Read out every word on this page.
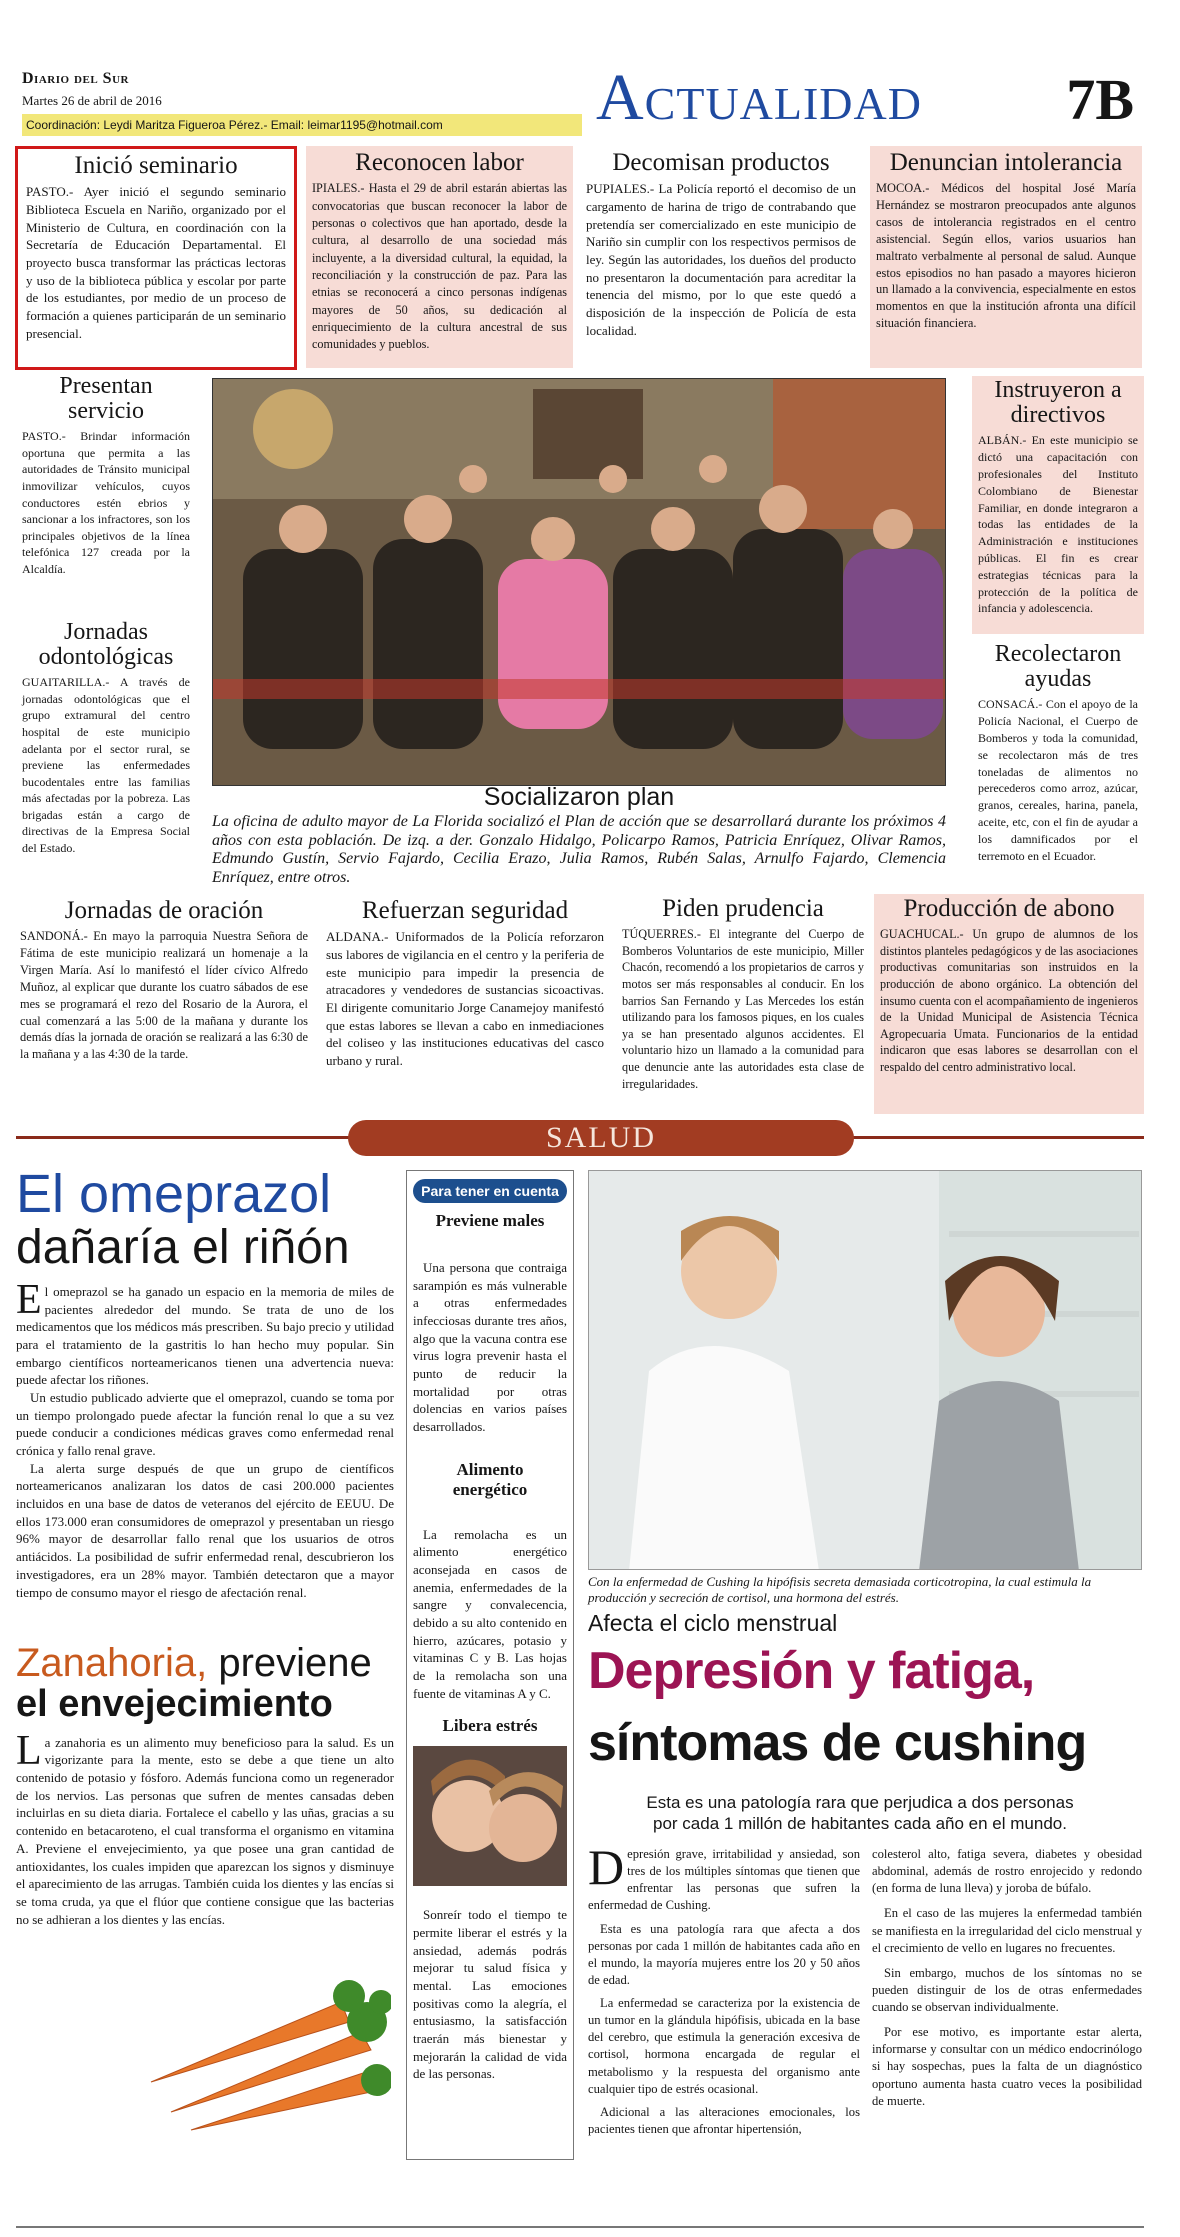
Diario del Sur
Martes 26 de abril de 2016
Coordinación: Leydi Maritza Figueroa Pérez.- Email: leimar1195@hotmail.com	Actualidad 7B
Inició seminario

PASTO.- Ayer inició el segundo seminario Biblioteca Escuela en Nariño, organizado por el Ministerio de Cultura, en coordinación con la Secretaría de Educación Departamental. El proyecto busca transformar las prácticas lectoras y uso de la biblioteca pública y escolar por parte de los estudiantes, por medio de un proceso de formación a quienes participarán de un seminario presencial.

Reconocen labor

IPIALES.- Hasta el 29 de abril estarán abiertas las convocatorias que buscan reconocer la labor de personas o colectivos que han aportado, desde la cultura, al desarrollo de una sociedad más incluyente, a la diversidad cultural, la equidad, la reconciliación y la construcción de paz. Para las etnias se reconocerá a cinco personas indígenas mayores de 50 años, su dedicación al enriquecimiento de la cultura ancestral de sus comunidades y pueblos.

Decomisan productos

PUPIALES.- La Policía reportó el decomiso de un cargamento de harina de trigo de contrabando que pretendía ser comercializado en este municipio de Nariño sin cumplir con los respectivos permisos de ley. Según las autoridades, los dueños del producto no presentaron la documentación para acreditar la tenencia del mismo, por lo que este quedó a disposición de la inspección de Policía de esta localidad.

Denuncian intolerancia

MOCOA.- Médicos del hospital José María Hernández se mostraron preocupados ante algunos casos de intolerancia registrados en el centro asistencial. Según ellos, varios usuarios han maltrato verbalmente al personal de salud. Aunque estos episodios no han pasado a mayores hicieron un llamado a la convivencia, especialmente en estos momentos en que la institución afronta una difícil situación financiera.

Presentan servicio

PASTO.- Brindar información oportuna que permita a las autoridades de Tránsito municipal inmovilizar vehículos, cuyos conductores estén ebrios y sancionar a los infractores, son los principales objetivos de la línea telefónica 127 creada por la Alcaldía.

Jornadas odontológicas

GUAITARILLA.- A través de jornadas odontológicas que el grupo extramural del centro hospital de este municipio adelanta por el sector rural, se previene las enfermedades bucodentales entre las familias más afectadas por la pobreza. Las brigadas están a cargo de directivas de la Empresa Social del Estado.

Socializaron plan
La oficina de adulto mayor de La Florida socializó el Plan de acción que se desarrollará durante los próximos 4 años con esta población. De izq. a der. Gonzalo Hidalgo, Policarpo Ramos, Patricia Enríquez, Olivar Ramos, Edmundo Gustín, Servio Fajardo, Cecilia Erazo, Julia Ramos, Rubén Salas, Arnulfo Fajardo, Clemencia Enríquez, entre otros.
Instruyeron a directivos

ALBÁN.- En este municipio se dictó una capacitación con profesionales del Instituto Colombiano de Bienestar Familiar, en donde integraron a todas las entidades de la Administración e instituciones públicas. El fin es crear estrategias técnicas para la protección de la política de infancia y adolescencia.

Recolectaron ayudas

CONSACÁ.- Con el apoyo de la Policía Nacional, el Cuerpo de Bomberos y toda la comunidad, se recolectaron más de tres toneladas de alimentos no perecederos como arroz, azúcar, granos, cereales, harina, panela, aceite, etc, con el fin de ayudar a los damnificados por el terremoto en el Ecuador.

Jornadas de oración

SANDONÁ.- En mayo la parroquia Nuestra Señora de Fátima de este municipio realizará un homenaje a la Virgen María. Así lo manifestó el líder cívico Alfredo Muñoz, al explicar que durante los cuatro sábados de ese mes se programará el rezo del Rosario de la Aurora, el cual comenzará a las 5:00 de la mañana y durante los demás días la jornada de oración se realizará a las 6:30 de la mañana y a las 4:30 de la tarde.

Refuerzan seguridad

ALDANA.- Uniformados de la Policía reforzaron sus labores de vigilancia en el centro y la periferia de este municipio para impedir la presencia de atracadores y vendedores de sustancias sicoactivas. El dirigente comunitario Jorge Canamejoy manifestó que estas labores se llevan a cabo en inmediaciones del coliseo y las instituciones educativas del casco urbano y rural.

Piden prudencia

TÚQUERRES.- El integrante del Cuerpo de Bomberos Voluntarios de este municipio, Miller Chacón, recomendó a los propietarios de carros y motos ser más responsables al conducir. En los barrios San Fernando y Las Mercedes los están utilizando para los famosos piques, en los cuales ya se han presentado algunos accidentes. El voluntario hizo un llamado a la comunidad para que denuncie ante las autoridades esta clase de irregularidades.

Producción de abono

GUACHUCAL.- Un grupo de alumnos de los distintos planteles pedagógicos y de las asociaciones productivas comunitarias son instruidos en la producción de abono orgánico. La obtención del insumo cuenta con el acompañamiento de ingenieros de la Unidad Municipal de Asistencia Técnica Agropecuaria Umata. Funcionarios de la entidad indicaron que esas labores se desarrollan con el respaldo del centro administrativo local.

SALUD
El omeprazol
dañaría el riñón

El omeprazol se ha ganado un espacio en la memoria de miles de pacientes alrededor del mundo. Se trata de uno de los medicamentos que los médicos más prescriben. Su bajo precio y utilidad para el tratamiento de la gastritis lo han hecho muy popular. Sin embargo científicos norteamericanos tienen una advertencia nueva: puede afectar los riñones.

Un estudio publicado advierte que el omeprazol, cuando se toma por un tiempo prolongado puede afectar la función renal lo que a su vez puede conducir a condiciones médicas graves como enfermedad renal crónica y fallo renal grave.

La alerta surge después de que un grupo de científicos norteamericanos analizaran los datos de casi 200.000 pacientes incluidos en una base de datos de veteranos del ejército de EEUU. De ellos 173.000 eran consumidores de omeprazol y presentaban un riesgo 96% mayor de desarrollar fallo renal que los usuarios de otros antiácidos. La posibilidad de sufrir enfermedad renal, descubrieron los investigadores, era un 28% mayor. También detectaron que a mayor tiempo de consumo mayor el riesgo de afectación renal.

Zanahoria, previene
el envejecimiento

La zanahoria es un alimento muy beneficioso para la salud. Es un vigorizante para la mente, esto se debe a que tiene un alto contenido de potasio y fósforo. Además funciona como un regenerador de los nervios. Las personas que sufren de mentes cansadas deben incluirlas en su dieta diaria. Fortalece el cabello y las uñas, gracias a su contenido en betacaroteno, el cual transforma el organismo en vitamina A. Previene el envejecimiento, ya que posee una gran cantidad de antioxidantes, los cuales impiden que aparezcan los signos y disminuye el aparecimiento de las arrugas. También cuida los dientes y las encías si se toma cruda, ya que el flúor que contiene consigue que las bacterias no se adhieran a los dientes y las encías.

Para tener en cuenta
Previene males

Una persona que contraiga sarampión es más vulnerable a otras enfermedades infecciosas durante tres años, algo que la vacuna contra ese virus logra prevenir hasta el punto de reducir la mortalidad por otras dolencias en varios países desarrollados.

Alimento energético

La remolacha es un alimento energético aconsejada en casos de anemia, enfermedades de la sangre y convalecencia, debido a su alto contenido en hierro, azúcares, potasio y vitaminas C y B. Las hojas de la remolacha son una fuente de vitaminas A y C.

Libera estrés

Sonreír todo el tiempo te permite liberar el estrés y la ansiedad, además podrás mejorar tu salud física y mental. Las emociones positivas como la alegría, el entusiasmo, la satisfacción traerán más bienestar y mejorarán la calidad de vida de las personas.

Con la enfermedad de Cushing la hipófisis secreta demasiada corticotropina, la cual estimula la producción y secreción de cortisol, una hormona del estrés.
Afecta el ciclo menstrual
Depresión y fatiga,
síntomas de cushing
Esta es una patología rara que perjudica a dos personas por cada 1 millón de habitantes cada año en el mundo.

Depresión grave, irritabilidad y ansiedad, son tres de los múltiples síntomas que tienen que enfrentar las personas que sufren la enfermedad de Cushing.

Esta es una patología rara que afecta a dos personas por cada 1 millón de habitantes cada año en el mundo, la mayoría mujeres entre los 20 y 50 años de edad.

La enfermedad se caracteriza por la existencia de un tumor en la glándula hipófisis, ubicada en la base del cerebro, que estimula la generación excesiva de cortisol, hormona encargada de regular el metabolismo y la respuesta del organismo ante cualquier tipo de estrés ocasional.

Adicional a las alteraciones emocionales, los pacientes tienen que afrontar hipertensión,

colesterol alto, fatiga severa, diabetes y obesidad abdominal, además de rostro enrojecido y redondo (en forma de luna lleva) y joroba de búfalo.

En el caso de las mujeres la enfermedad también se manifiesta en la irregularidad del ciclo menstrual y el crecimiento de vello en lugares no frecuentes.

Sin embargo, muchos de los síntomas no se pueden distinguir de los de otras enfermedades cuando se observan individualmente.

Por ese motivo, es importante estar alerta, informarse y consultar con un médico endocrinólogo si hay sospechas, pues la falta de un diagnóstico oportuno aumenta hasta cuatro veces la posibilidad de muerte.
